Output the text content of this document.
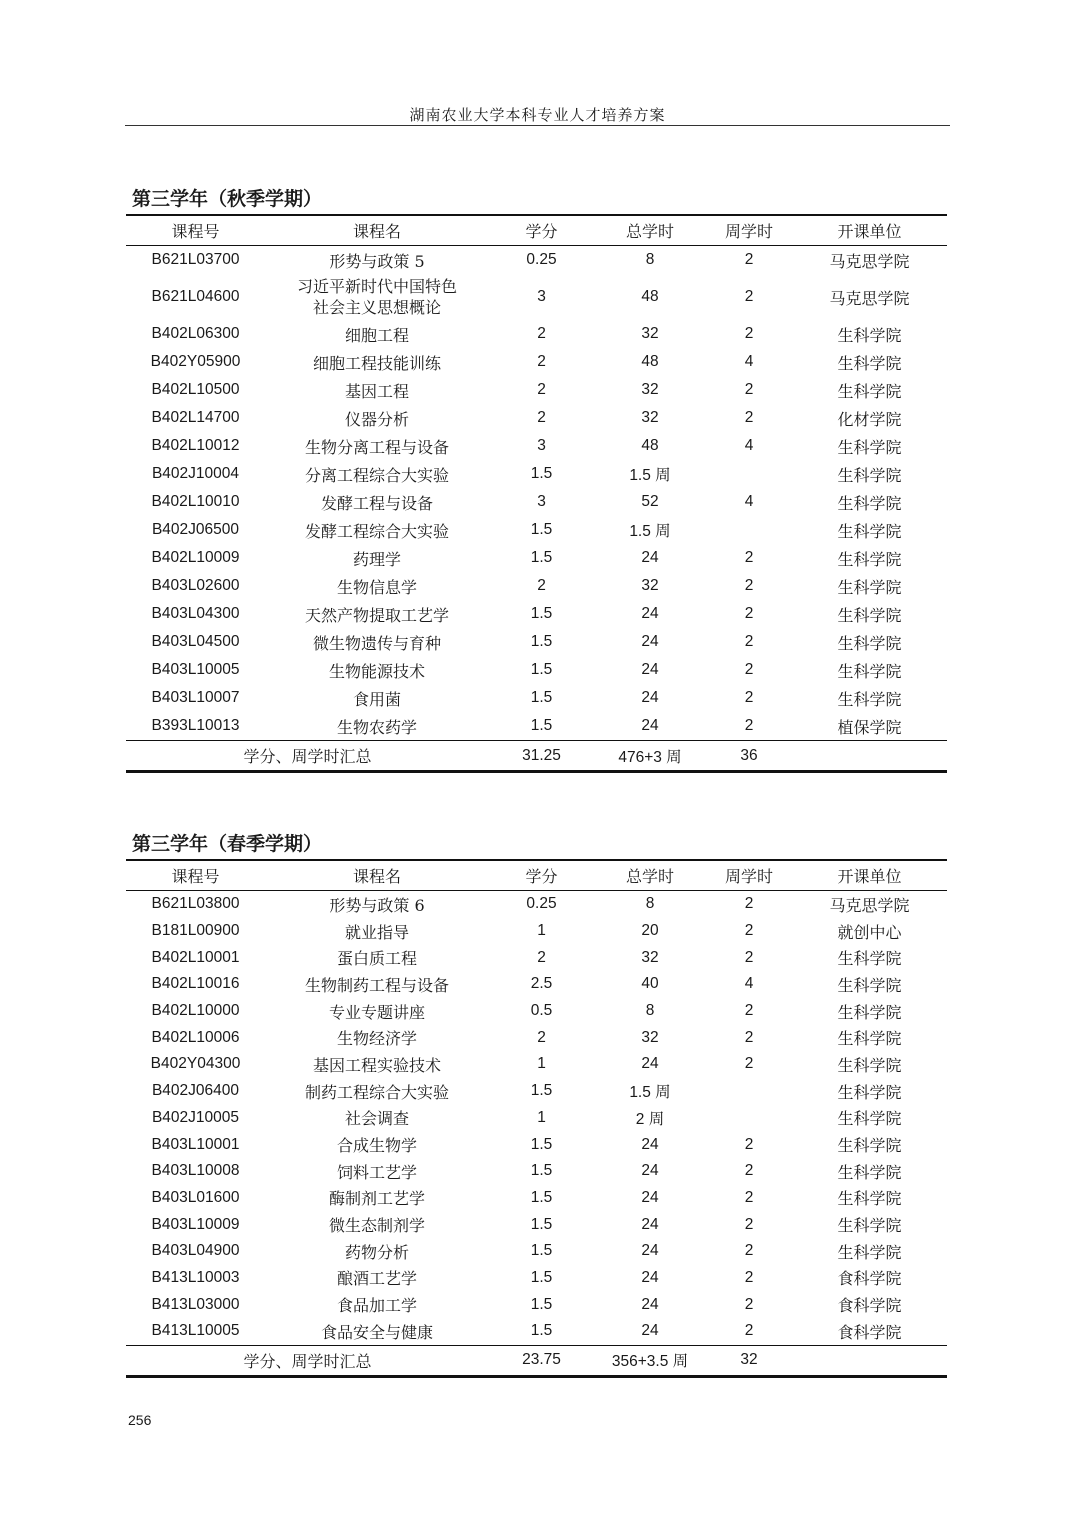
湖南农业大学本科专业人才培养方案
第三学年（秋季学期）
课程号	课程名	学分	总学时	周学时	开课单位
B621L03700	形势与政策 5	0.25	8	2	马克思学院
B621L04600	习近平新时代中国特色
社会主义思想概论	3	48	2	马克思学院
B402L06300	细胞工程	2	32	2	生科学院
B402Y05900	细胞工程技能训练	2	48	4	生科学院
B402L10500	基因工程	2	32	2	生科学院
B402L14700	仪器分析	2	32	2	化材学院
B402L10012	生物分离工程与设备	3	48	4	生科学院
B402J10004	分离工程综合大实验	1.5	1.5 周		生科学院
B402L10010	发酵工程与设备	3	52	4	生科学院
B402J06500	发酵工程综合大实验	1.5	1.5 周		生科学院
B402L10009	药理学	1.5	24	2	生科学院
B403L02600	生物信息学	2	32	2	生科学院
B403L04300	天然产物提取工艺学	1.5	24	2	生科学院
B403L04500	微生物遗传与育种	1.5	24	2	生科学院
B403L10005	生物能源技术	1.5	24	2	生科学院
B403L10007	食用菌	1.5	24	2	生科学院
B393L10013	生物农药学	1.5	24	2	植保学院
学分、周学时汇总		31.25	476+3 周	36	
第三学年（春季学期）
课程号	课程名	学分	总学时	周学时	开课单位
B621L03800	形势与政策 6	0.25	8	2	马克思学院
B181L00900	就业指导	1	20	2	就创中心
B402L10001	蛋白质工程	2	32	2	生科学院
B402L10016	生物制药工程与设备	2.5	40	4	生科学院
B402L10000	专业专题讲座	0.5	8	2	生科学院
B402L10006	生物经济学	2	32	2	生科学院
B402Y04300	基因工程实验技术	1	24	2	生科学院
B402J06400	制药工程综合大实验	1.5	1.5 周		生科学院
B402J10005	社会调查	1	2 周		生科学院
B403L10001	合成生物学	1.5	24	2	生科学院
B403L10008	饲料工艺学	1.5	24	2	生科学院
B403L01600	酶制剂工艺学	1.5	24	2	生科学院
B403L10009	微生态制剂学	1.5	24	2	生科学院
B403L04900	药物分析	1.5	24	2	生科学院
B413L10003	酿酒工艺学	1.5	24	2	食科学院
B413L03000	食品加工学	1.5	24	2	食科学院
B413L10005	食品安全与健康	1.5	24	2	食科学院
学分、周学时汇总		23.75	356+3.5 周	32	
256
